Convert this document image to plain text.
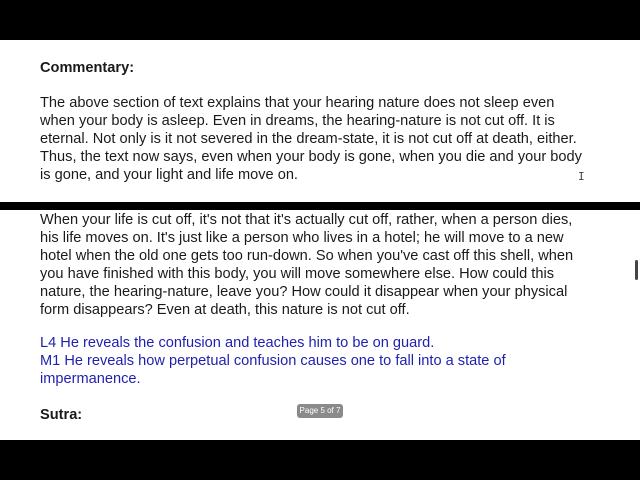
Commentary:

The above section of text explains that your hearing nature does not sleep even

when your body is asleep. Even in dreams, the hearing-nature is not cut off. It is

eternal. Not only is it not severed in the dream-state, it is not cut off at death, either.

Thus, the text now says, even when your body is gone, when you die and your body

is gone, and your light and life move on.

When your life is cut off, it's not that it's actually cut off, rather, when a person dies,

his life moves on. It's just like a person who lives in a hotel; he will move to a new

hotel when the old one gets too run-down. So when you've cast off this shell, when

you have finished with this body, you will move somewhere else. How could this

nature, the hearing-nature, leave you? How could it disappear when your physical

form disappears? Even at death, this nature is not cut off.

L4 He reveals the confusion and teaches him to be on guard.

M1 He reveals how perpetual confusion causes one to fall into a state of

impermanence.

Sutra:	Page 5 of 7
I
